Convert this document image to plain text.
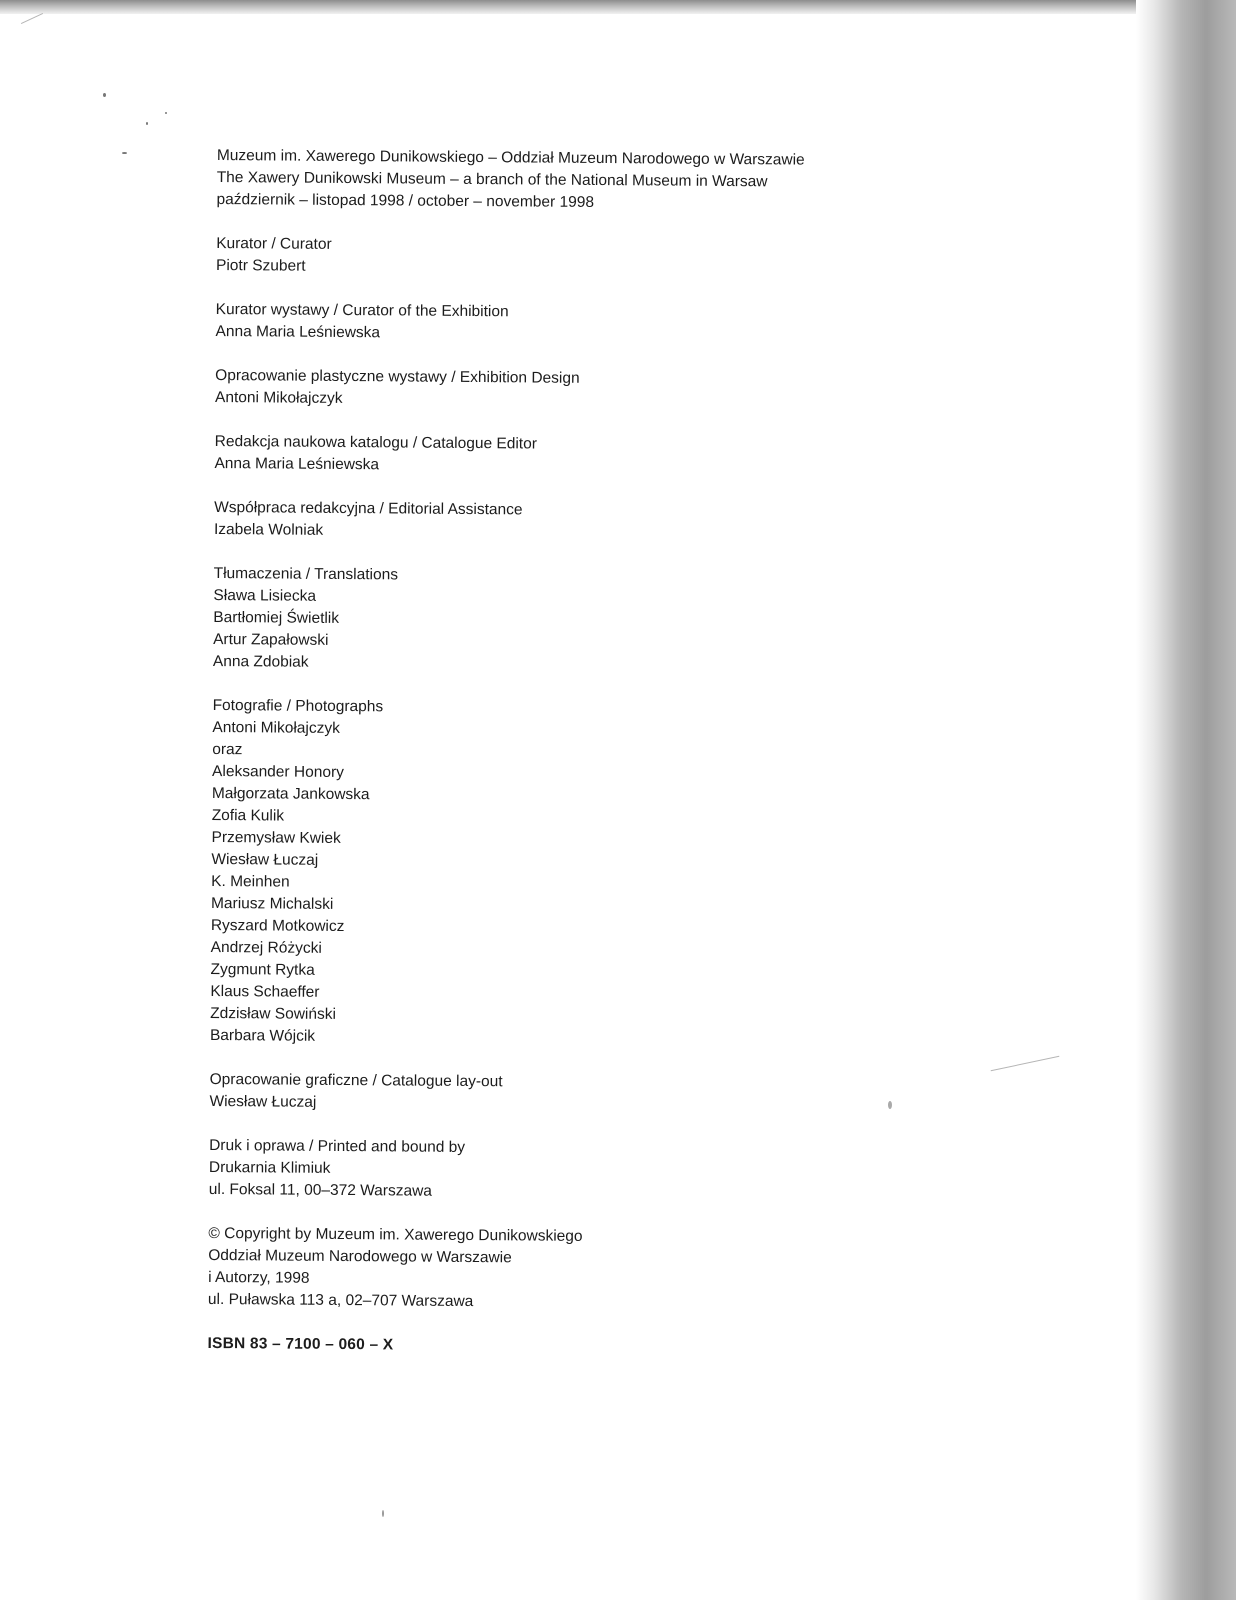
Muzeum im. Xawerego Dunikowskiego – Oddział Muzeum Narodowego w Warszawie
The Xawery Dunikowski Museum – a branch of the National Museum in Warsaw
październik – listopad 1998 / october – november 1998
Kurator / Curator
Piotr Szubert
Kurator wystawy / Curator of the Exhibition
Anna Maria Leśniewska
Opracowanie plastyczne wystawy / Exhibition Design
Antoni Mikołajczyk
Redakcja naukowa katalogu / Catalogue Editor
Anna Maria Leśniewska
Współpraca redakcyjna / Editorial Assistance
Izabela Wolniak
Tłumaczenia / Translations
Sława Lisiecka
Bartłomiej Świetlik
Artur Zapałowski
Anna Zdobiak
Fotografie / Photographs
Antoni Mikołajczyk
oraz
Aleksander Honory
Małgorzata Jankowska
Zofia Kulik
Przemysław Kwiek
Wiesław Łuczaj
K. Meinhen
Mariusz Michalski
Ryszard Motkowicz
Andrzej Różycki
Zygmunt Rytka
Klaus Schaeffer
Zdzisław Sowiński
Barbara Wójcik
Opracowanie graficzne / Catalogue lay-out
Wiesław Łuczaj
Druk i oprawa / Printed and bound by
Drukarnia Klimiuk
ul. Foksal 11, 00–372 Warszawa
© Copyright by Muzeum im. Xawerego Dunikowskiego
Oddział Muzeum Narodowego w Warszawie
i Autorzy, 1998
ul. Puławska 113 a, 02–707 Warszawa
ISBN 83 – 7100 – 060 – X
